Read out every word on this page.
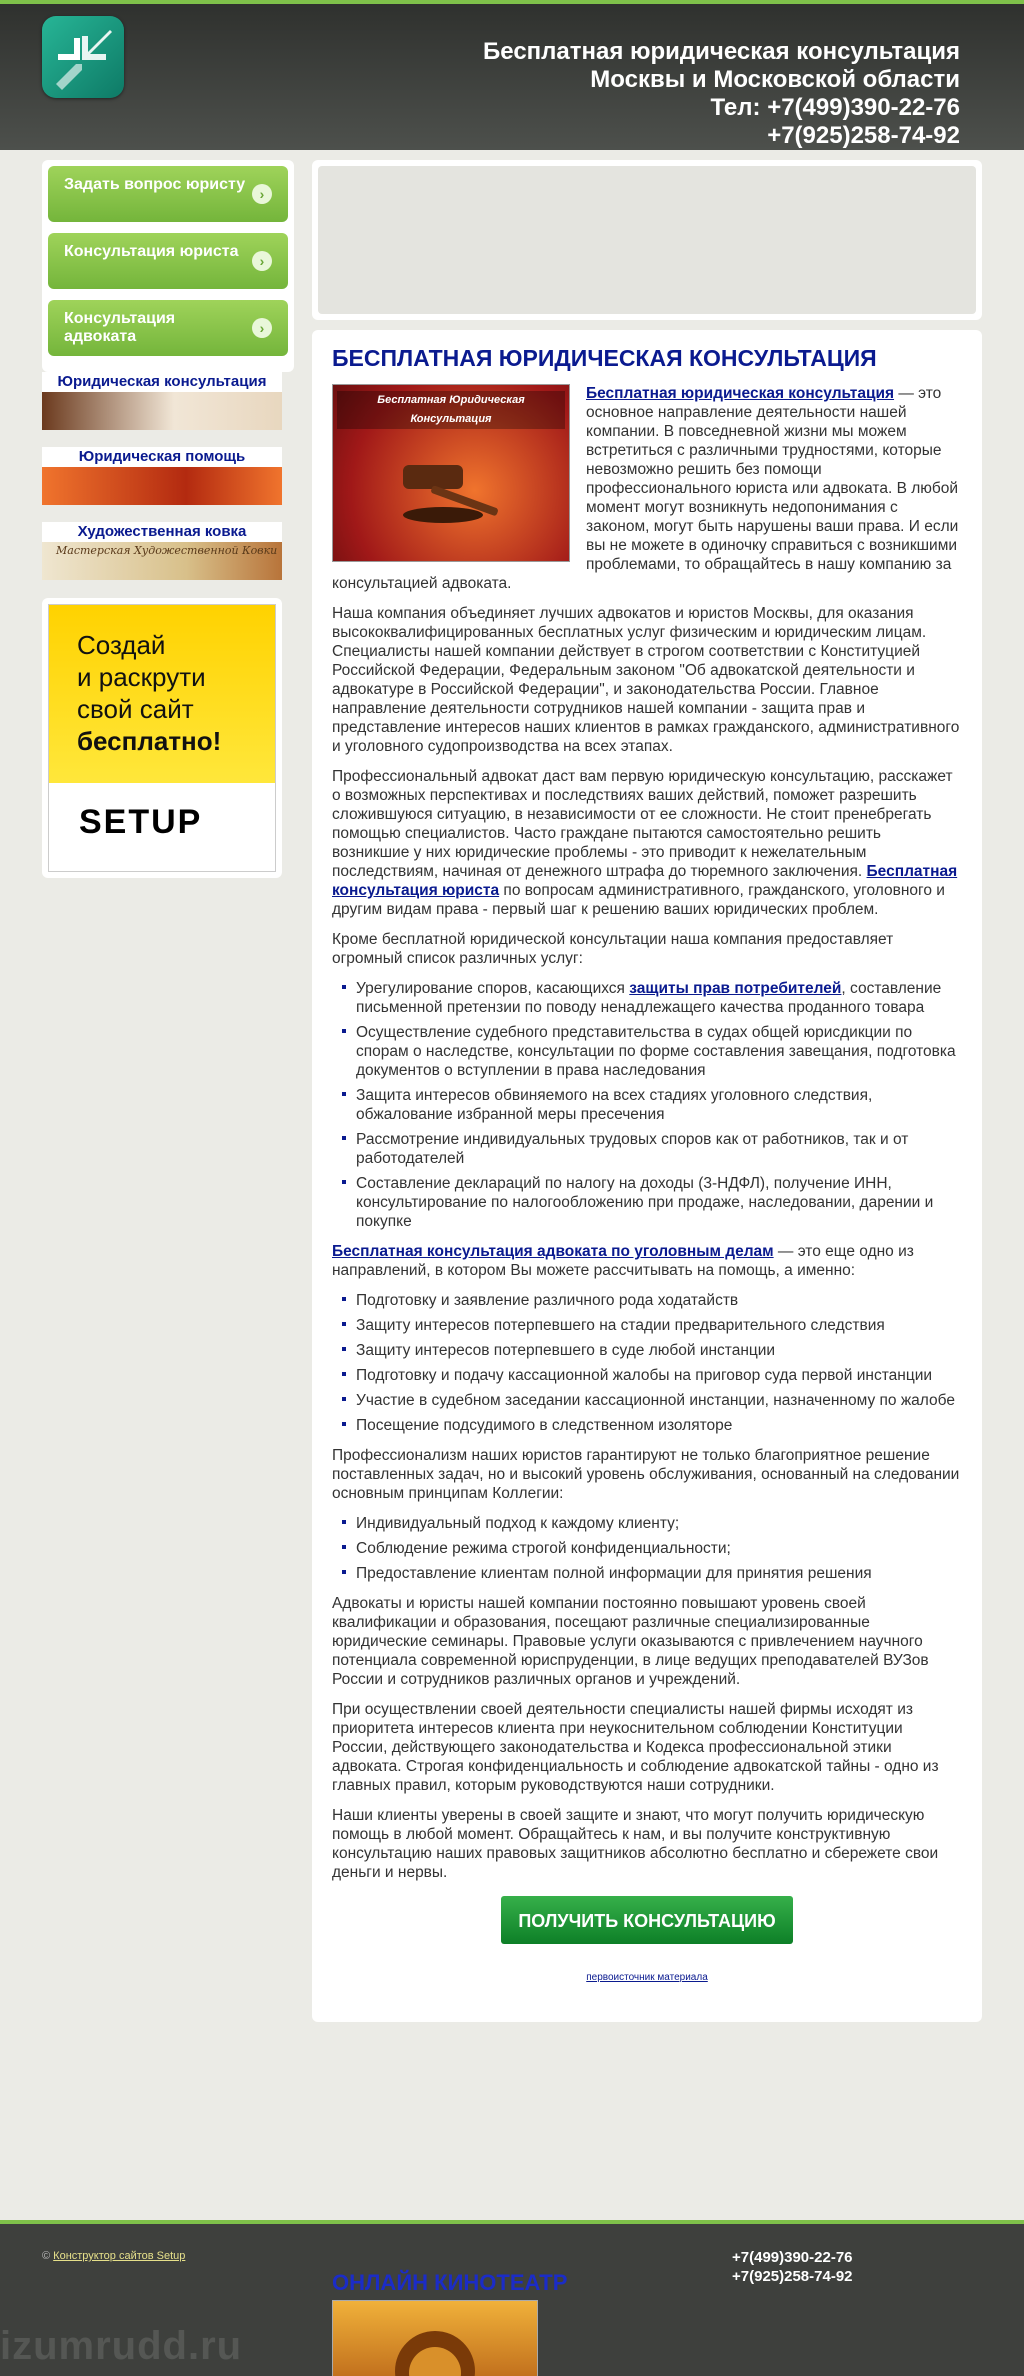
Бесплатная юридическая консультация
Москвы и Московской области
Тел: +7(499)390-22-76
+7(925)258-74-92
Задать вопрос юристу
›
Консультация юриста
›
Консультация адвоката	›
Юридическая консультация
Юридическая помощь
Художественная ковка
Мастерская Художественной Ковки
Создай
и раскрути
свой сайт
бесплатно!
SETUP
БЕСПЛАТНАЯ ЮРИДИЧЕСКАЯ КОНСУЛЬТАЦИЯ
Бесплатная Юридическая Консультация

Бесплатная юридическая консультация — это основное направление деятельности нашей компании. В повседневной жизни мы можем встретиться с различными трудностями, которые невозможно решить без помощи профессионального юриста или адвоката. В любой момент могут возникнуть недопонимания с законом, могут быть нарушены ваши права. И если вы не можете в одиночку справиться с возникшими проблемами, то обращайтесь в нашу компанию за консультацией адвоката.

Наша компания объединяет лучших адвокатов и юристов Москвы, для оказания высококвалифицированных бесплатных услуг физическим и юридическим лицам. Специалисты нашей компании действует в строгом соответствии с Конституцией Российской Федерации, Федеральным законом "Об адвокатской деятельности и адвокатуре в Российской Федерации", и законодательства России. Главное направление деятельности сотрудников нашей компании - защита прав и представление интересов наших клиентов в рамках гражданского, административного и уголовного судопроизводства на всех этапах.

Профессиональный адвокат даст вам первую юридическую консультацию, расскажет о возможных перспективах и последствиях ваших действий, поможет разрешить сложившуюся ситуацию, в независимости от ее сложности. Не стоит пренебрегать помощью специалистов. Часто граждане пытаются самостоятельно решить возникшие у них юридические проблемы - это приводит к нежелательным последствиям, начиная от денежного штрафа до тюремного заключения. Бесплатная консультация юриста по вопросам административного, гражданского, уголовного и другим видам права - первый шаг к решению ваших юридических проблем.

Кроме бесплатной юридической консультации наша компания предоставляет огромный список различных услуг:

Урегулирование споров, касающихся защиты прав потребителей, составление письменной претензии по поводу ненадлежащего качества проданного товара
Осуществление судебного представительства в судах общей юрисдикции по спорам о наследстве, консультации по форме составления завещания, подготовка документов о вступлении в права наследования
Защита интересов обвиняемого на всех стадиях уголовного следствия, обжалование избранной меры пресечения
Рассмотрение индивидуальных трудовых споров как от работников, так и от работодателей
Составление деклараций по налогу на доходы (3-НДФЛ), получение ИНН, консультирование по налогообложению при продаже, наследовании, дарении и покупке

Бесплатная консультация адвоката по уголовным делам — это еще одно из направлений, в котором Вы можете рассчитывать на помощь, а именно:

Подготовку и заявление различного рода ходатайств
Защиту интересов потерпевшего на стадии предварительного следствия
Защиту интересов потерпевшего в суде любой инстанции
Подготовку и подачу кассационной жалобы на приговор суда первой инстанции
Участие в судебном заседании кассационной инстанции, назначенному по жалобе
Посещение подсудимого в следственном изоляторе

Профессионализм наших юристов гарантируют не только благоприятное решение поставленных задач, но и высокий уровень обслуживания, основанный на следовании основным принципам Коллегии:

Индивидуальный подход к каждому клиенту;
Соблюдение режима строгой конфиденциальности;
Предоставление клиентам полной информации для принятия решения

Адвокаты и юристы нашей компании постоянно повышают уровень своей квалификации и образования, посещают различные специализированные юридические семинары. Правовые услуги оказываются с привлечением научного потенциала современной юриспруденции, в лице ведущих преподавателей ВУЗов России и сотрудников различных органов и учреждений.

При осуществлении своей деятельности специалисты нашей фирмы исходят из приоритета интересов клиента при неукоснительном соблюдении Конституции России, действующего законодательства и Кодекса профессиональной этики адвоката. Строгая конфиденциальность и соблюдение адвокатской тайны - одно из главных правил, которым руководствуются наши сотрудники.

Наши клиенты уверены в своей защите и знают, что могут получить юридическую помощь в любой момент. Обращайтесь к нам, и вы получите конструктивную консультацию наших правовых защитников абсолютно бесплатно и сбережете свои деньги и нервы.

ПОЛУЧИТЬ КОНСУЛЬТАЦИЮ
первоисточник материала
© Конструктор сайтов Setup
ОНЛАЙН КИНОТЕАТР
+7(499)390-22-76
+7(925)258-74-92
izumrudd.ru
